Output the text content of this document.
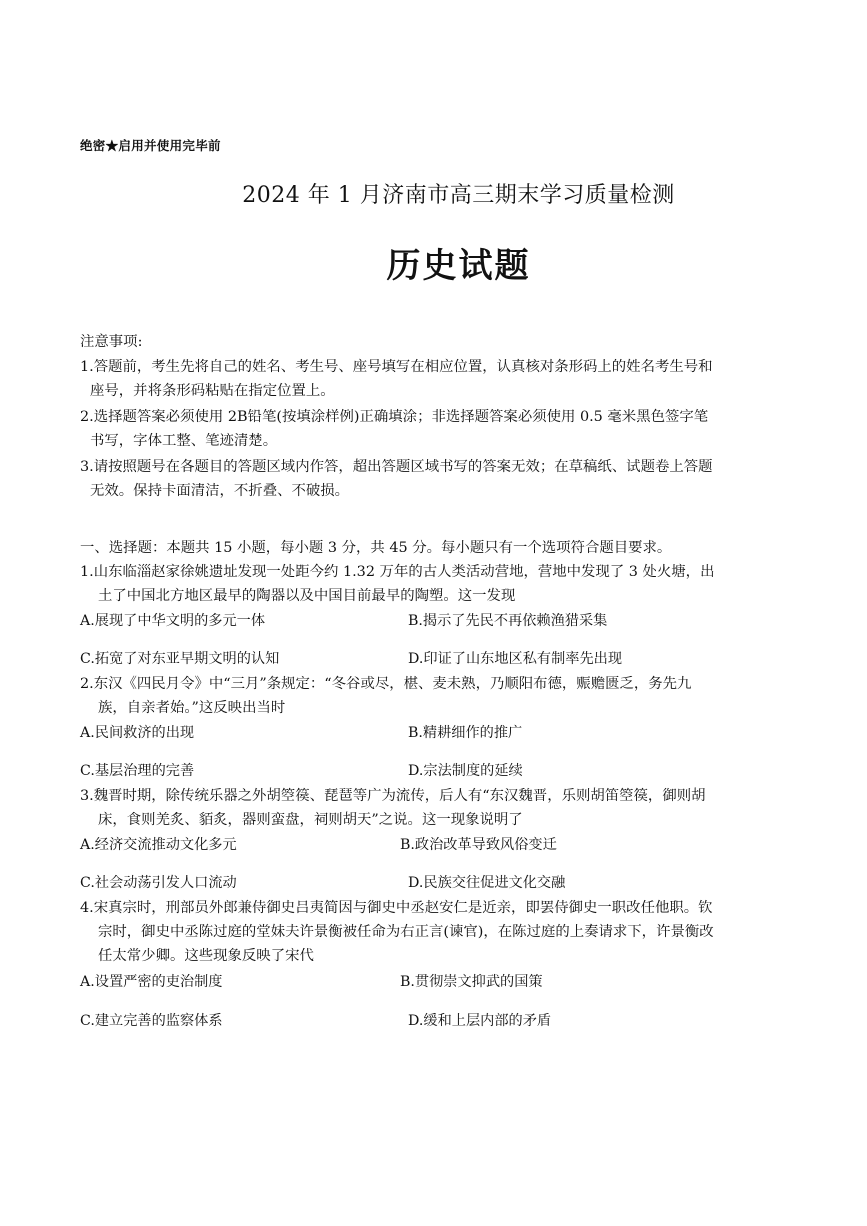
绝密★启用并使用完毕前
2024 年 1 月济南市高三期末学习质量检测
历史试题
注意事项:

1.答题前，考生先将自己的姓名、考生号、座号填写在相应位置，认真核对条形码上的姓名考生号和

座号，并将条形码粘贴在指定位置上。

2.选择题答案必须使用 2B铅笔(按填涂样例)正确填涂；非选择题答案必须使用 0.5 毫米黑色签字笔

书写，字体工整、笔迹清楚。

3.请按照题号在各题目的答题区域内作答，超出答题区域书写的答案无效；在草稿纸、试题卷上答题

无效。保持卡面清洁，不折叠、不破损。

一、选择题：本题共 15 小题，每小题 3 分，共 45 分。每小题只有一个选项符合题目要求。
1.山东临淄赵家徐姚遗址发现一处距今约 1.32 万年的古人类活动营地，营地中发现了 3 处火塘，出
土了中国北方地区最早的陶器以及中国目前最早的陶塑。这一发现
A.展现了中华文明的多元一体	B.揭示了先民不再依赖渔猎采集
C.拓宽了对东亚早期文明的认知	D.印证了山东地区私有制率先出现
2.东汉《四民月令》中“三月”条规定：“冬谷或尽，椹、麦未熟，乃顺阳布德，赈赡匮乏，务先九
族，自亲者始。”这反映出当时
A.民间救济的出现	B.精耕细作的推广
C.基层治理的完善	D.宗法制度的延续
3.魏晋时期，除传统乐器之外胡箜篌、琵琶等广为流传，后人有“东汉魏晋，乐则胡笛箜篌，御则胡
床，食则羌炙、貊炙，器则蛮盘，祠则胡天”之说。这一现象说明了
A.经济交流推动文化多元	B.政治改革导致风俗变迁
C.社会动荡引发人口流动	D.民族交往促进文化交融
4.宋真宗时，刑部员外郎兼侍御史吕夷简因与御史中丞赵安仁是近亲，即罢侍御史一职改任他职。钦
宗时，御史中丞陈过庭的堂妹夫许景衡被任命为右正言(谏官)，在陈过庭的上奏请求下，许景衡改
任太常少卿。这些现象反映了宋代
A.设置严密的吏治制度	B.贯彻崇文抑武的国策
C.建立完善的监察体系	D.缓和上层内部的矛盾
